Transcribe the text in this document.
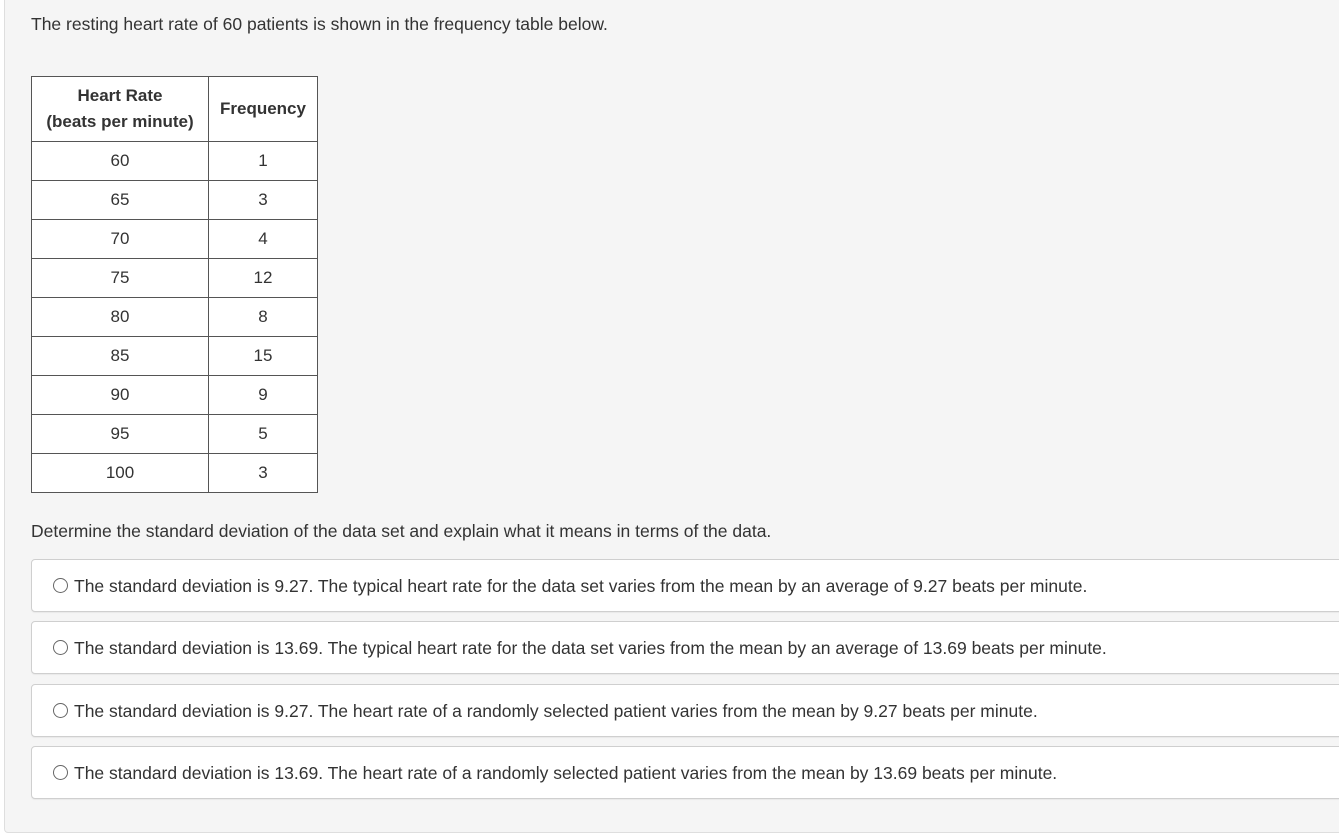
The resting heart rate of 60 patients is shown in the frequency table below.

Heart Rate
(beats per minute)	Frequency
60	1
65	3
70	4
75	12
80	8
85	15
90	9
95	5
100	3

Determine the standard deviation of the data set and explain what it means in terms of the data.

The standard deviation is 9.27. The typical heart rate for the data set varies from the mean by an average of 9.27 beats per minute.
The standard deviation is 13.69. The typical heart rate for the data set varies from the mean by an average of 13.69 beats per minute.
The standard deviation is 9.27. The heart rate of a randomly selected patient varies from the mean by 9.27 beats per minute.
The standard deviation is 13.69. The heart rate of a randomly selected patient varies from the mean by 13.69 beats per minute.
